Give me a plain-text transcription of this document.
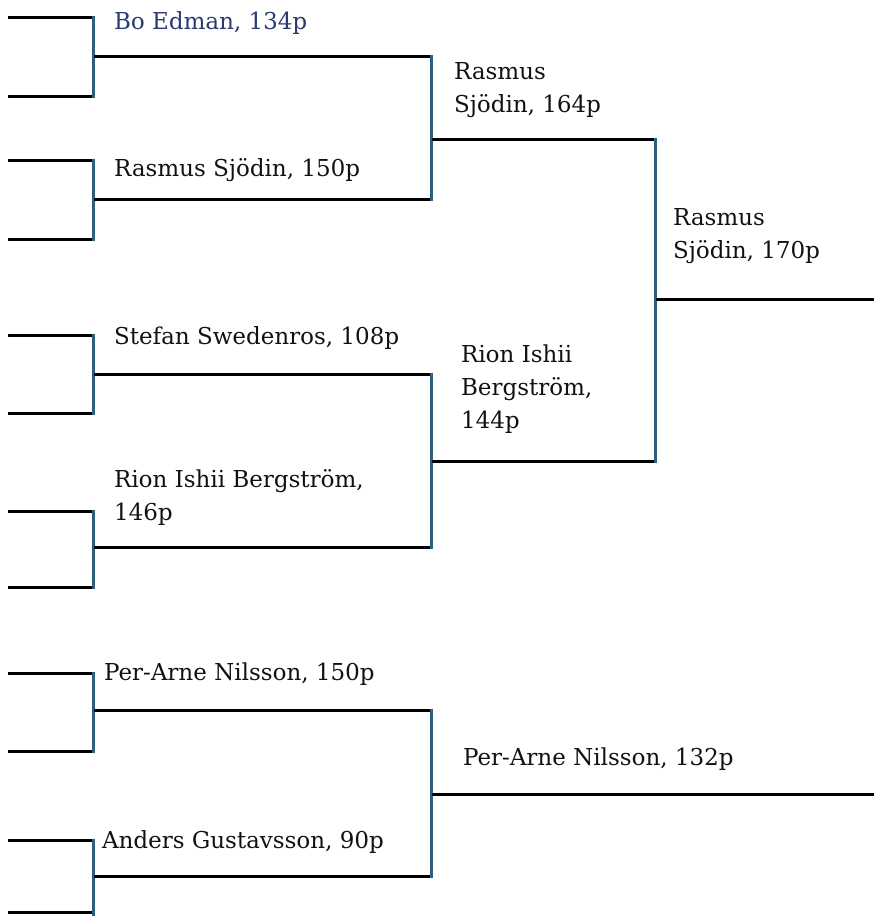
Bo Edman, 134p
Rasmus Sjödin, 150p
Rasmus Sjödin, 164p
Stefan Swedenros, 108p
Rion Ishii Bergström, 146p
Rion Ishii Bergström, 144p
Rasmus Sjödin, 170p
Per-Arne Nilsson, 150p
Anders Gustavsson, 90p
Per-Arne Nilsson, 132p
